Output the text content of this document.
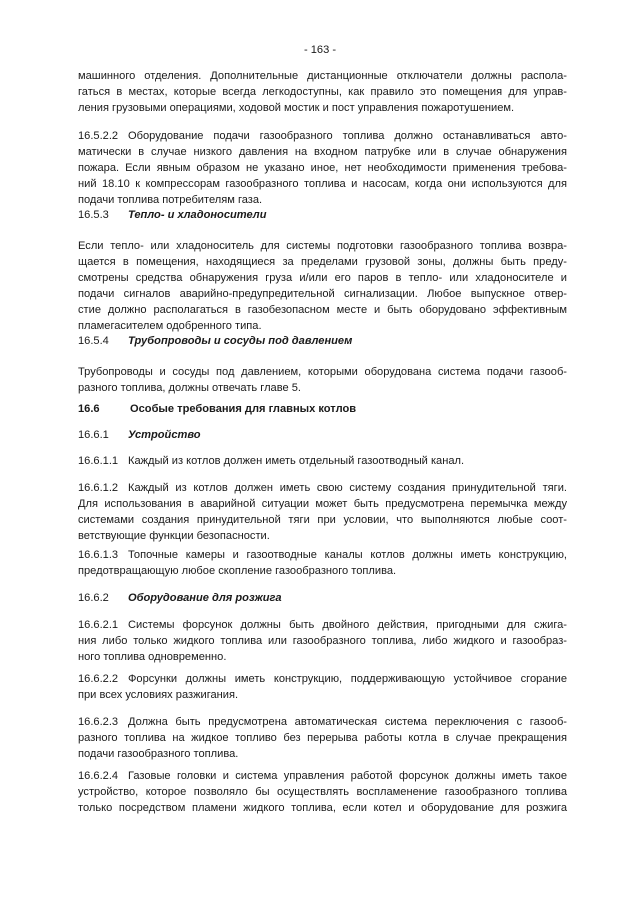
- 163 -
машинного отделения. Дополнительные дистанционные отключатели должны распола-
гаться в местах, которые всегда легкодоступны, как правило это помещения для управ-
ления грузовыми операциями, ходовой мостик и пост управления пожаротушением.
16.5.2.2 Оборудование подачи газообразного топлива должно останавливаться авто-
матически в случае низкого давления на входном патрубке или в случае обнаружения
пожара. Если явным образом не указано иное, нет необходимости применения требова-
ний 18.10 к компрессорам газообразного топлива и насосам, когда они используются для
подачи топлива потребителям газа.
16.5.3 Тепло- и хладоносители
Если тепло- или хладоноситель для системы подготовки газообразного топлива возвра-
щается в помещения, находящиеся за пределами грузовой зоны, должны быть преду-
смотрены средства обнаружения груза и/или его паров в тепло- или хладоносителе и
подачи сигналов аварийно-предупредительной сигнализации. Любое выпускное отвер-
стие должно располагаться в газобезопасном месте и быть оборудовано эффективным
пламегасителем одобренного типа.
16.5.4 Трубопроводы и сосуды под давлением
Трубопроводы и сосуды под давлением, которыми оборудована система подачи газооб-
разного топлива, должны отвечать главе 5.
16.6	Особые требования для главных котлов
16.6.1 Устройство
16.6.1.1 Каждый из котлов должен иметь отдельный газоотводный канал.
16.6.1.2 Каждый из котлов должен иметь свою систему создания принудительной тяги.
Для использования в аварийной ситуации может быть предусмотрена перемычка между
системами создания принудительной тяги при условии, что выполняются любые соот-
ветствующие функции безопасности.
16.6.1.3 Топочные камеры и газоотводные каналы котлов должны иметь конструкцию,
предотвращающую любое скопление газообразного топлива.
16.6.2 Оборудование для розжига
16.6.2.1 Системы форсунок должны быть двойного действия, пригодными для сжига-
ния либо только жидкого топлива или газообразного топлива, либо жидкого и газообраз-
ного топлива одновременно.
16.6.2.2 Форсунки должны иметь конструкцию, поддерживающую устойчивое сгорание
при всех условиях разжигания.
16.6.2.3 Должна быть предусмотрена автоматическая система переключения с газооб-
разного топлива на жидкое топливо без перерыва работы котла в случае прекращения
подачи газообразного топлива.
16.6.2.4 Газовые головки и система управления работой форсунок должны иметь такое
устройство, которое позволяло бы осуществлять воспламенение газообразного топлива
только посредством пламени жидкого топлива, если котел и оборудование для розжига
